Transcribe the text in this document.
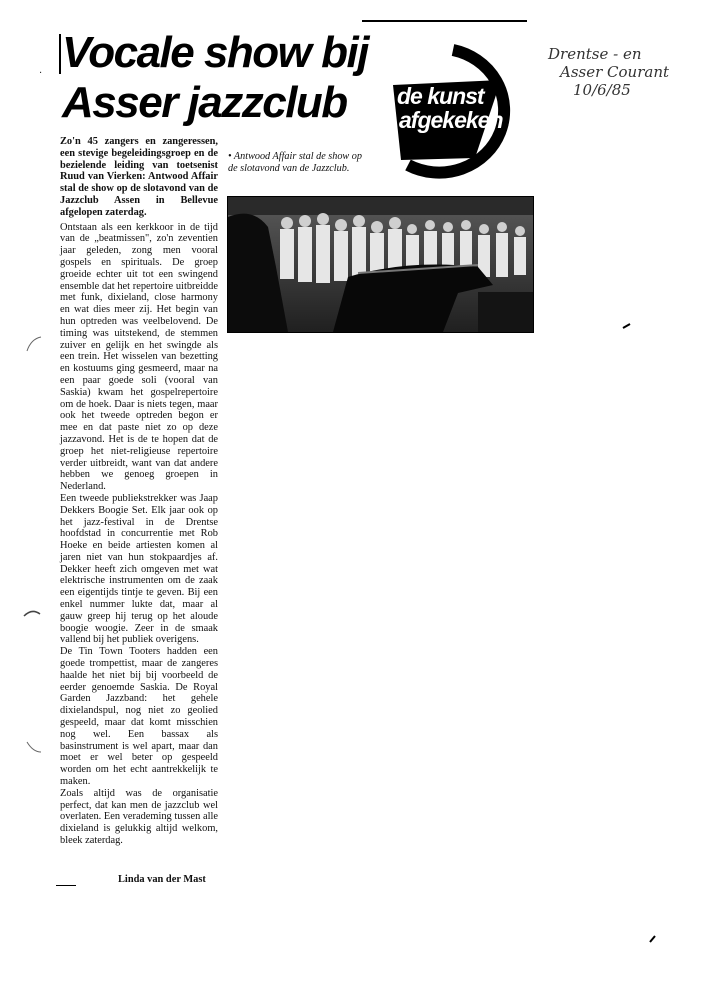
Vocale show bij
Asser jazzclub	de kunst
afgekeken
Drentse - en
Asser Courant
10/6/85

Zo'n 45 zangers en zangeressen, een stevige begeleidingsgroep en de bezielende leiding van toetsenist Ruud van Vierken: Antwood Affair stal de show op de slotavond van de Jazzclub Assen in Bellevue afgelopen zaterdag.

Ontstaan als een kerkkoor in de tijd van de „beatmissen", zo'n zeventien jaar geleden, zong men vooral gospels en spirituals. De groep groeide echter uit tot een swingend ensemble dat het repertoire uitbreidde met funk, dixieland, close harmony en wat dies meer zij. Het begin van hun optreden was veelbelovend. De timing was uitstekend, de stemmen zuiver en gelijk en het swingde als een trein. Het wisselen van bezetting en kostuums ging gesmeerd, maar na een paar goede soli (vooral van Saskia) kwam het gospelrepertoire om de hoek. Daar is niets tegen, maar ook het tweede optreden begon er mee en dat paste niet zo op deze jazzavond. Het is de te hopen dat de groep het niet-religieuse repertoire verder uitbreidt, want van dat andere hebben we genoeg groepen in Nederland.

Een tweede publiekstrekker was Jaap Dekkers Boogie Set. Elk jaar ook op het jazz-festival in de Drentse hoofdstad in concurrentie met Rob Hoeke en beide artiesten komen al jaren niet van hun stokpaardjes af. Dekker heeft zich omgeven met wat elektrische instrumenten om de zaak een eigentijds tintje te geven. Bij een enkel nummer lukte dat, maar al gauw greep hij terug op het aloude boogie woogie. Zeer in de smaak vallend bij het publiek overigens.

De Tin Town Tooters hadden een goede trompettist, maar de zangeres haalde het niet bij bij voorbeeld de eerder genoemde Saskia. De Royal Garden Jazzband: het gehele dixielandspul, nog niet zo geolied gespeeld, maar dat komt misschien nog wel. Een bassax als basinstrument is wel apart, maar dan moet er wel beter op gespeeld worden om het echt aantrekkelijk te maken.

Zoals altijd was de organisatie perfect, dat kan men de jazzclub wel overlaten. Een verademing tussen alle dixieland is gelukkig altijd welkom, bleek zaterdag.

Linda van der Mast
• Antwood Affair stal de show op de slotavond van de Jazzclub.
·
